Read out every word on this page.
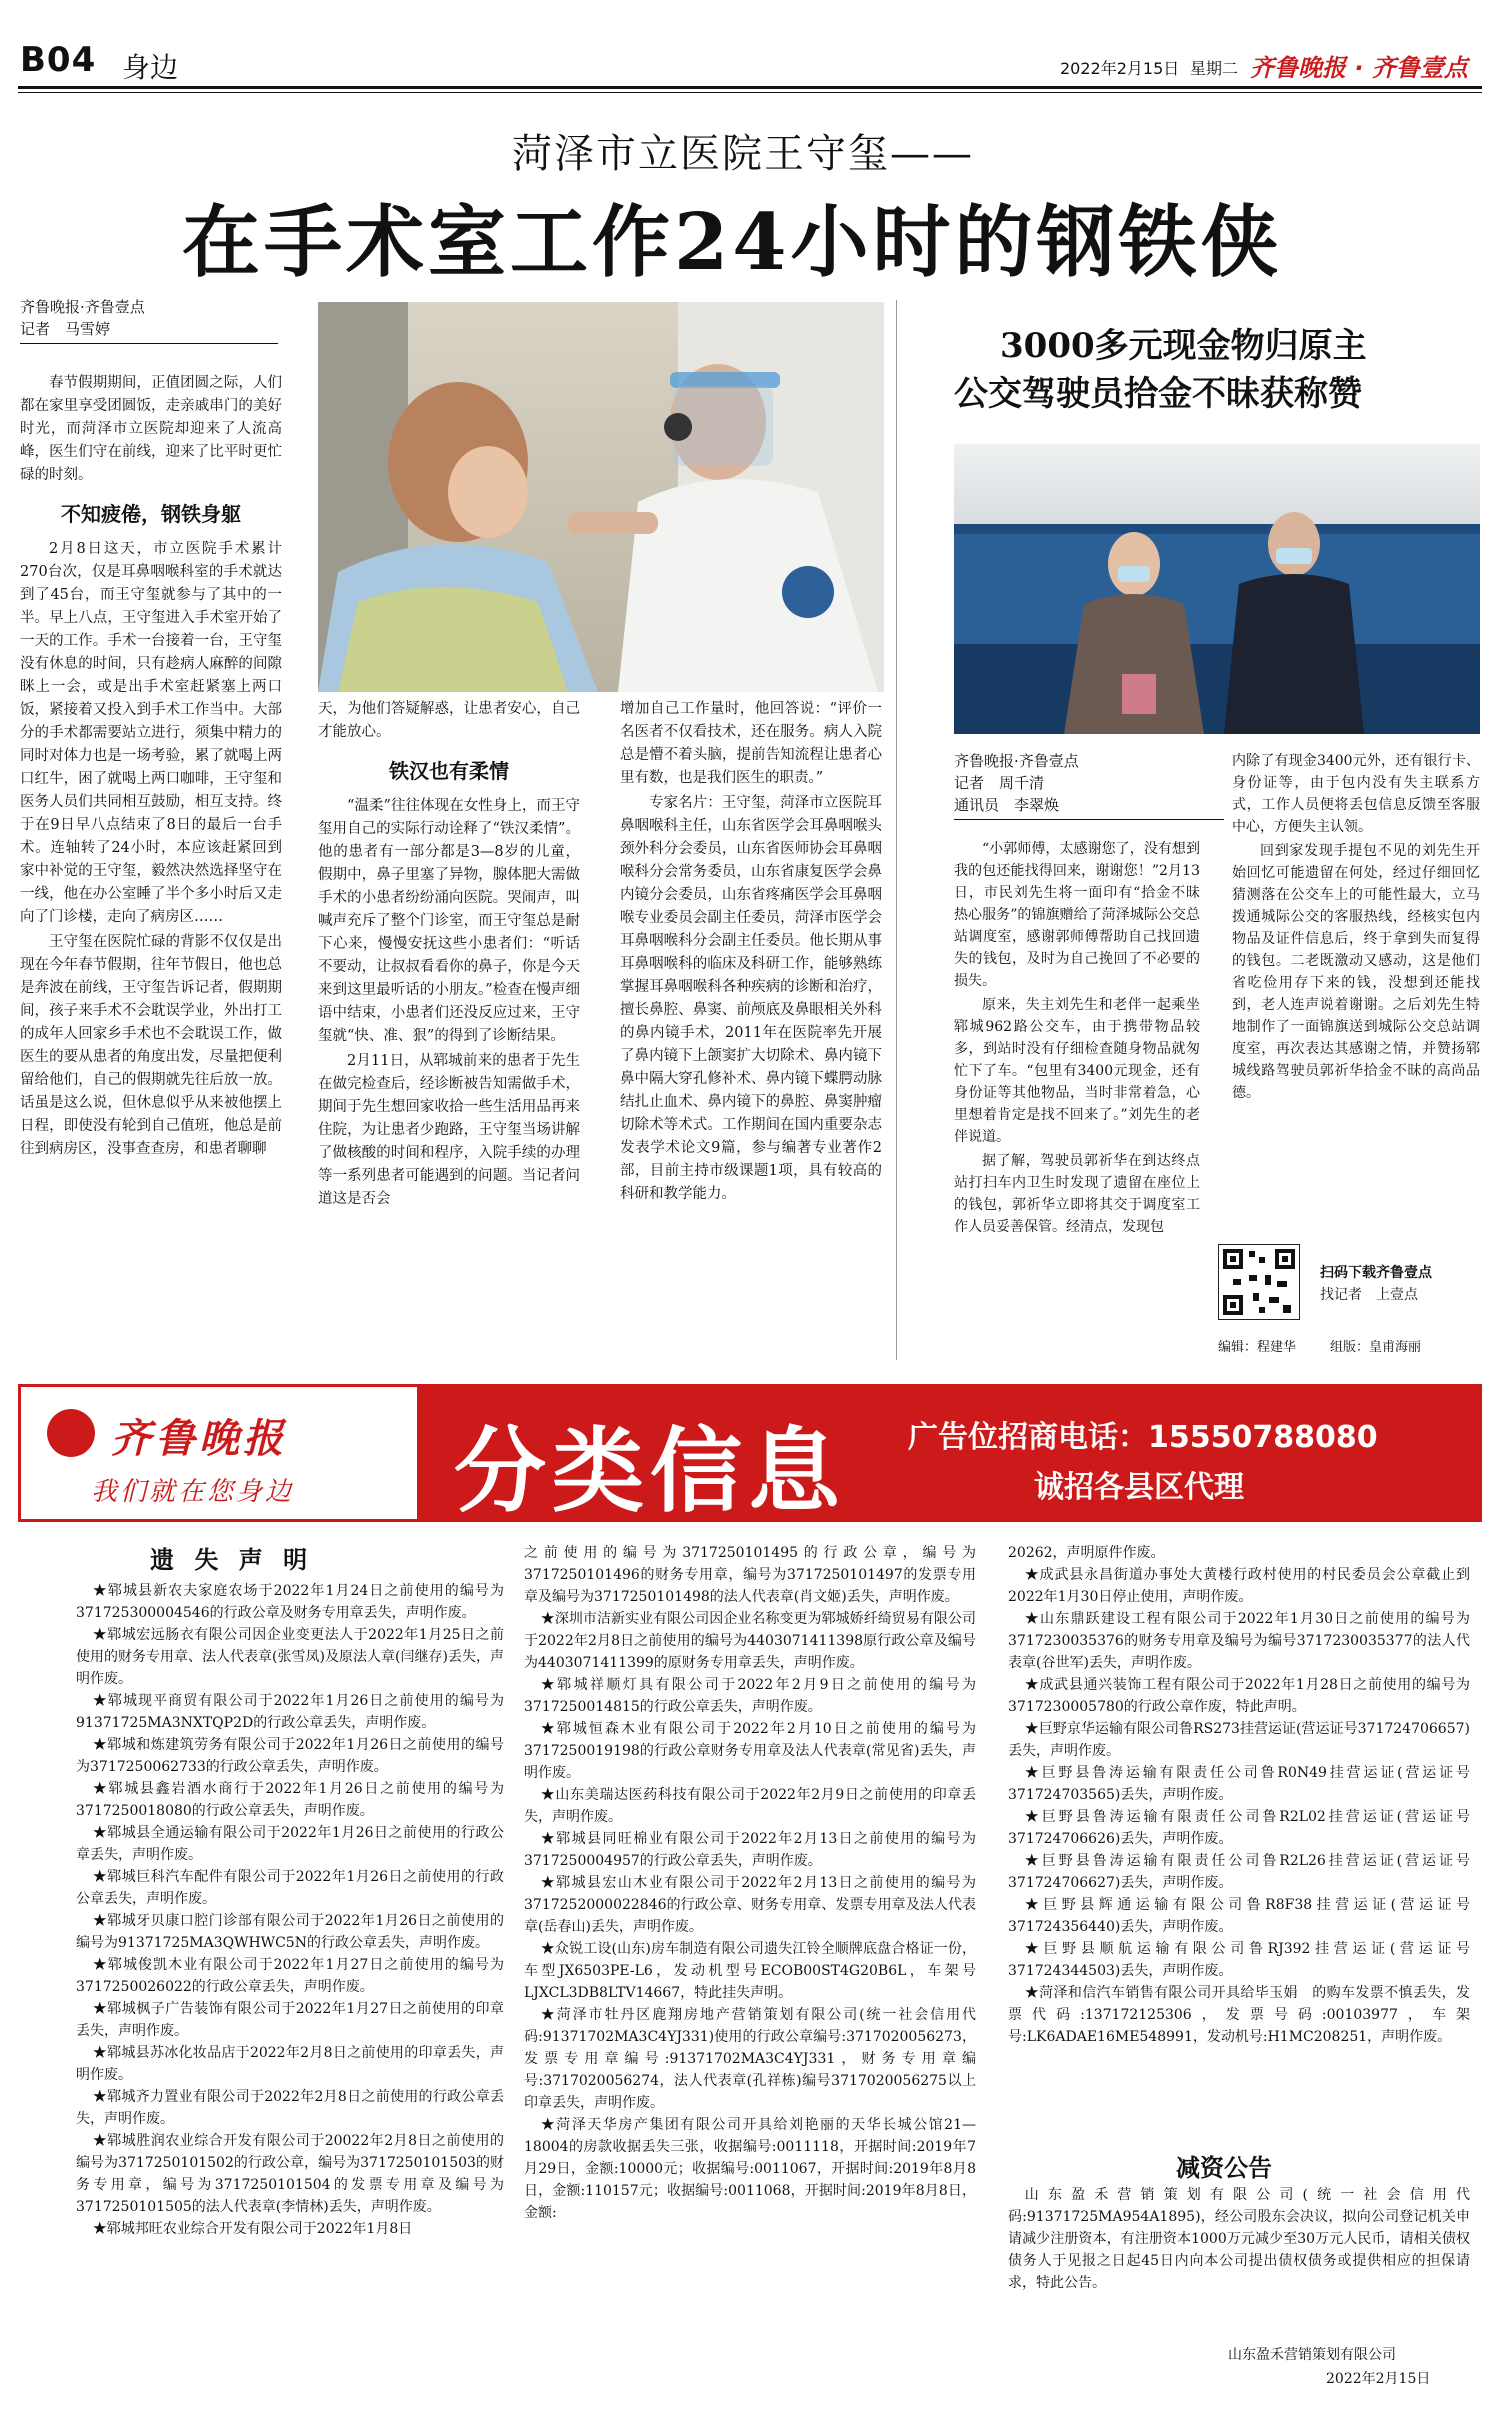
B04 身边	2022年2月15日 星期二 齐鲁晚报 · 齐鲁壹点
菏泽市立医院王守玺——
在手术室工作24小时的钢铁侠
齐鲁晚报·齐鲁壹点
记者　马雪婷

春节假期期间，正值团圆之际，人们都在家里享受团圆饭，走亲戚串门的美好时光，而菏泽市立医院却迎来了人流高峰，医生们守在前线，迎来了比平时更忙碌的时刻。

不知疲倦，钢铁身躯

2月8日这天，市立医院手术累计270台次，仅是耳鼻咽喉科室的手术就达到了45台，而王守玺就参与了其中的一半。早上八点，王守玺进入手术室开始了一天的工作。手术一台接着一台，王守玺没有休息的时间，只有趁病人麻醉的间隙眯上一会，或是出手术室赶紧塞上两口饭，紧接着又投入到手术工作当中。大部分的手术都需要站立进行，须集中精力的同时对体力也是一场考验，累了就喝上两口红牛，困了就喝上两口咖啡，王守玺和医务人员们共同相互鼓励，相互支持。终于在9日早八点结束了8日的最后一台手术。连轴转了24小时，本应该赶紧回到家中补觉的王守玺，毅然决然选择坚守在一线，他在办公室睡了半个多小时后又走向了门诊楼，走向了病房区……

王守玺在医院忙碌的背影不仅仅是出现在今年春节假期，往年节假日，他也总是奔波在前线，王守玺告诉记者，假期期间，孩子来手术不会耽误学业，外出打工的成年人回家乡手术也不会耽误工作，做医生的要从患者的角度出发，尽量把便利留给他们，自己的假期就先往后放一放。话虽是这么说，但休息似乎从来被他摆上日程，即使没有轮到自己值班，他总是前往到病房区，没事查查房，和患者聊聊

天，为他们答疑解惑，让患者安心，自己才能放心。

铁汉也有柔情

“温柔”往往体现在女性身上，而王守玺用自己的实际行动诠释了“铁汉柔情”。他的患者有一部分都是3—8岁的儿童，假期中，鼻子里塞了异物，腺体肥大需做手术的小患者纷纷涌向医院。哭闹声，叫喊声充斥了整个门诊室，而王守玺总是耐下心来，慢慢安抚这些小患者们：“听话不要动，让叔叔看看你的鼻子，你是今天来到这里最听话的小朋友。”检查在慢声细语中结束，小患者们还没反应过来，王守玺就“快、准、狠”的得到了诊断结果。

2月11日，从郓城前来的患者于先生在做完检查后，经诊断被告知需做手术，期间于先生想回家收拾一些生活用品再来住院，为让患者少跑路，王守玺当场讲解了做核酸的时间和程序，入院手续的办理等一系列患者可能遇到的问题。当记者问道这是否会

增加自己工作量时，他回答说：“评价一名医者不仅看技术，还在服务。病人入院总是懵不着头脑，提前告知流程让患者心里有数，也是我们医生的职责。”

专家名片：王守玺，菏泽市立医院耳鼻咽喉科主任，山东省医学会耳鼻咽喉头颈外科分会委员，山东省医师协会耳鼻咽喉科分会常务委员，山东省康复医学会鼻内镜分会委员，山东省疼痛医学会耳鼻咽喉专业委员会副主任委员，菏泽市医学会耳鼻咽喉科分会副主任委员。他长期从事耳鼻咽喉科的临床及科研工作，能够熟练掌握耳鼻咽喉科各种疾病的诊断和治疗，擅长鼻腔、鼻窦、前颅底及鼻眼相关外科的鼻内镜手术，2011年在医院率先开展了鼻内镜下上颌窦扩大切除术、鼻内镜下鼻中隔大穿孔修补术、鼻内镜下蝶腭动脉结扎止血术、鼻内镜下的鼻腔、鼻窦肿瘤切除术等术式。工作期间在国内重要杂志发表学术论文9篇，参与编著专业著作2部，目前主持市级课题1项，具有较高的科研和教学能力。

3000多元现金物归原主
公交驾驶员拾金不昧获称赞
齐鲁晚报·齐鲁壹点
记者　周千清
通讯员　李翠焕

“小郭师傅，太感谢您了，没有想到我的包还能找得回来，谢谢您！”2月13日，市民刘先生将一面印有“拾金不昧　热心服务”的锦旗赠给了菏泽城际公交总站调度室，感谢郭师傅帮助自己找回遗失的钱包，及时为自己挽回了不必要的损失。

原来，失主刘先生和老伴一起乘坐郓城962路公交车，由于携带物品较多，到站时没有仔细检查随身物品就匆忙下了车。“包里有3400元现金，还有身份证等其他物品，当时非常着急，心里想着肯定是找不回来了。”刘先生的老伴说道。

据了解，驾驶员郭祈华在到达终点站打扫车内卫生时发现了遗留在座位上的钱包，郭祈华立即将其交于调度室工作人员妥善保管。经清点，发现包

内除了有现金3400元外，还有银行卡、身份证等，由于包内没有失主联系方式，工作人员便将丢包信息反馈至客服中心，方便失主认领。

回到家发现手提包不见的刘先生开始回忆可能遗留在何处，经过仔细回忆猜测落在公交车上的可能性最大，立马拨通城际公交的客服热线，经核实包内物品及证件信息后，终于拿到失而复得的钱包。二老既激动又感动，这是他们省吃俭用存下来的钱，没想到还能找到，老人连声说着谢谢。之后刘先生特地制作了一面锦旗送到城际公交总站调度室，再次表达其感谢之情，并赞扬郓城线路驾驶员郭祈华拾金不昧的高尚品德。

扫码下载齐鲁壹点
找记者　上壹点
编辑：程建华	组版：皇甫海丽
齐鲁晚报
我们就在您身边 分类信息 广告位招商电话：15550788080
诚招各县区代理
遗 失 声 明

★郓城县新农夫家庭农场于2022年1月24日之前使用的编号为371725300004546的行政公章及财务专用章丢失，声明作废。

★郓城宏远肠衣有限公司因企业变更法人于2022年1月25日之前使用的财务专用章、法人代表章(张雪凤)及原法人章(闫继存)丢失，声明作废。

★郓城现平商贸有限公司于2022年1月26日之前使用的编号为91371725MA3NXTQP2D的行政公章丢失，声明作废。

★郓城和炼建筑劳务有限公司于2022年1月26日之前使用的编号为3717250062733的行政公章丢失，声明作废。

★郓城县鑫岩酒水商行于2022年1月26日之前使用的编号为3717250018080的行政公章丢失，声明作废。

★郓城县全通运输有限公司于2022年1月26日之前使用的行政公章丢失，声明作废。

★郓城巨科汽车配件有限公司于2022年1月26日之前使用的行政公章丢失，声明作废。

★郓城牙贝康口腔门诊部有限公司于2022年1月26日之前使用的编号为91371725MA3QWHWC5N的行政公章丢失，声明作废。

★郓城俊凯木业有限公司于2022年1月27日之前使用的编号为3717250026022的行政公章丢失，声明作废。

★郓城枫子广告装饰有限公司于2022年1月27日之前使用的印章丢失，声明作废。

★郓城县苏冰化妆品店于2022年2月8日之前使用的印章丢失，声明作废。

★郓城齐力置业有限公司于2022年2月8日之前使用的行政公章丢失，声明作废。

★郓城胜润农业综合开发有限公司于20022年2月8日之前使用的编号为3717250101502的行政公章，编号为3717250101503的财务专用章，编号为3717250101504的发票专用章及编号为3717250101505的法人代表章(李情林)丢失，声明作废。

★郓城邦旺农业综合开发有限公司于2022年1月8日

之前使用的编号为3717250101495的行政公章，编号为3717250101496的财务专用章，编号为3717250101497的发票专用章及编号为3717250101498的法人代表章(肖文姬)丢失，声明作废。

★深圳市洁新实业有限公司因企业名称变更为郓城娇纤绮贸易有限公司于2022年2月8日之前使用的编号为4403071411398原行政公章及编号为4403071411399的原财务专用章丢失，声明作废。

★郓城祥顺灯具有限公司于2022年2月9日之前使用的编号为3717250014815的行政公章丢失，声明作废。

★郓城恒森木业有限公司于2022年2月10日之前使用的编号为3717250019198的行政公章财务专用章及法人代表章(常见省)丢失，声明作废。

★山东美瑞达医药科技有限公司于2022年2月9日之前使用的印章丢失，声明作废。

★郓城县同旺棉业有限公司于2022年2月13日之前使用的编号为3717250004957的行政公章丢失，声明作废。

★郓城县宏山木业有限公司于2022年2月13日之前使用的编号为3717252000022846的行政公章、财务专用章、发票专用章及法人代表章(岳春山)丢失，声明作废。

★众锐工设(山东)房车制造有限公司遗失江铃全顺牌底盘合格证一份，车型JX6503PE-L6，发动机型号ECOB00ST4G20B6L，车架号LJXCL3DB8LTV14667，特此挂失声明。

★菏泽市牡丹区鹿翔房地产营销策划有限公司(统一社会信用代码:91371702MA3C4YJ331)使用的行政公章编号:3717020056273，发票专用章编号:91371702MA3C4YJ331，财务专用章编号:3717020056274，法人代表章(孔祥栋)编号3717020056275以上印章丢失，声明作废。

★菏泽天华房产集团有限公司开具给刘艳丽的天华长城公馆21—18004的房款收据丢失三张，收据编号:0011118，开据时间:2019年7月29日，金额:10000元；收据编号:0011067，开据时间:2019年8月8日，金额:110157元；收据编号:0011068，开据时间:2019年8月8日，金额:

20262，声明原件作废。

★成武县永昌街道办事处大黄楼行政村使用的村民委员会公章截止到2022年1月30日停止使用，声明作废。

★山东鼎跃建设工程有限公司于2022年1月30日之前使用的编号为3717230035376的财务专用章及编号为编号3717230035377的法人代表章(谷世军)丢失，声明作废。

★成武县通兴装饰工程有限公司于2022年1月28日之前使用的编号为3717230005780的行政公章作废，特此声明。

★巨野京华运输有限公司鲁RS273挂营运证(营运证号371724706657)丢失，声明作废。

★巨野县鲁涛运输有限责任公司鲁R0N49挂营运证(营运证号371724703565)丢失，声明作废。

★巨野县鲁涛运输有限责任公司鲁R2L02挂营运证(营运证号371724706626)丢失，声明作废。

★巨野县鲁涛运输有限责任公司鲁R2L26挂营运证(营运证号371724706627)丢失，声明作废。

★巨野县辉通运输有限公司鲁R8F38挂营运证(营运证号371724356440)丢失，声明作废。

★巨野县顺航运输有限公司鲁RJ392挂营运证(营运证号371724344503)丢失，声明作废。

★菏泽和信汽车销售有限公司开具给毕玉娟　的购车发票不慎丢失，发票代码:137172125306，发票号码:00103977，车架号:LK6ADAE16ME548991，发动机号:H1MC208251，声明作废。

减资公告

山东盈禾营销策划有限公司(统一社会信用代码:91371725MA954A1895)，经公司股东会决议，拟向公司登记机关申请减少注册资本，有注册资本1000万元减少至30万元人民币，请相关债权债务人于见报之日起45日内向本公司提出债权债务或提供相应的担保请求，特此公告。

山东盈禾营销策划有限公司
2022年2月15日
